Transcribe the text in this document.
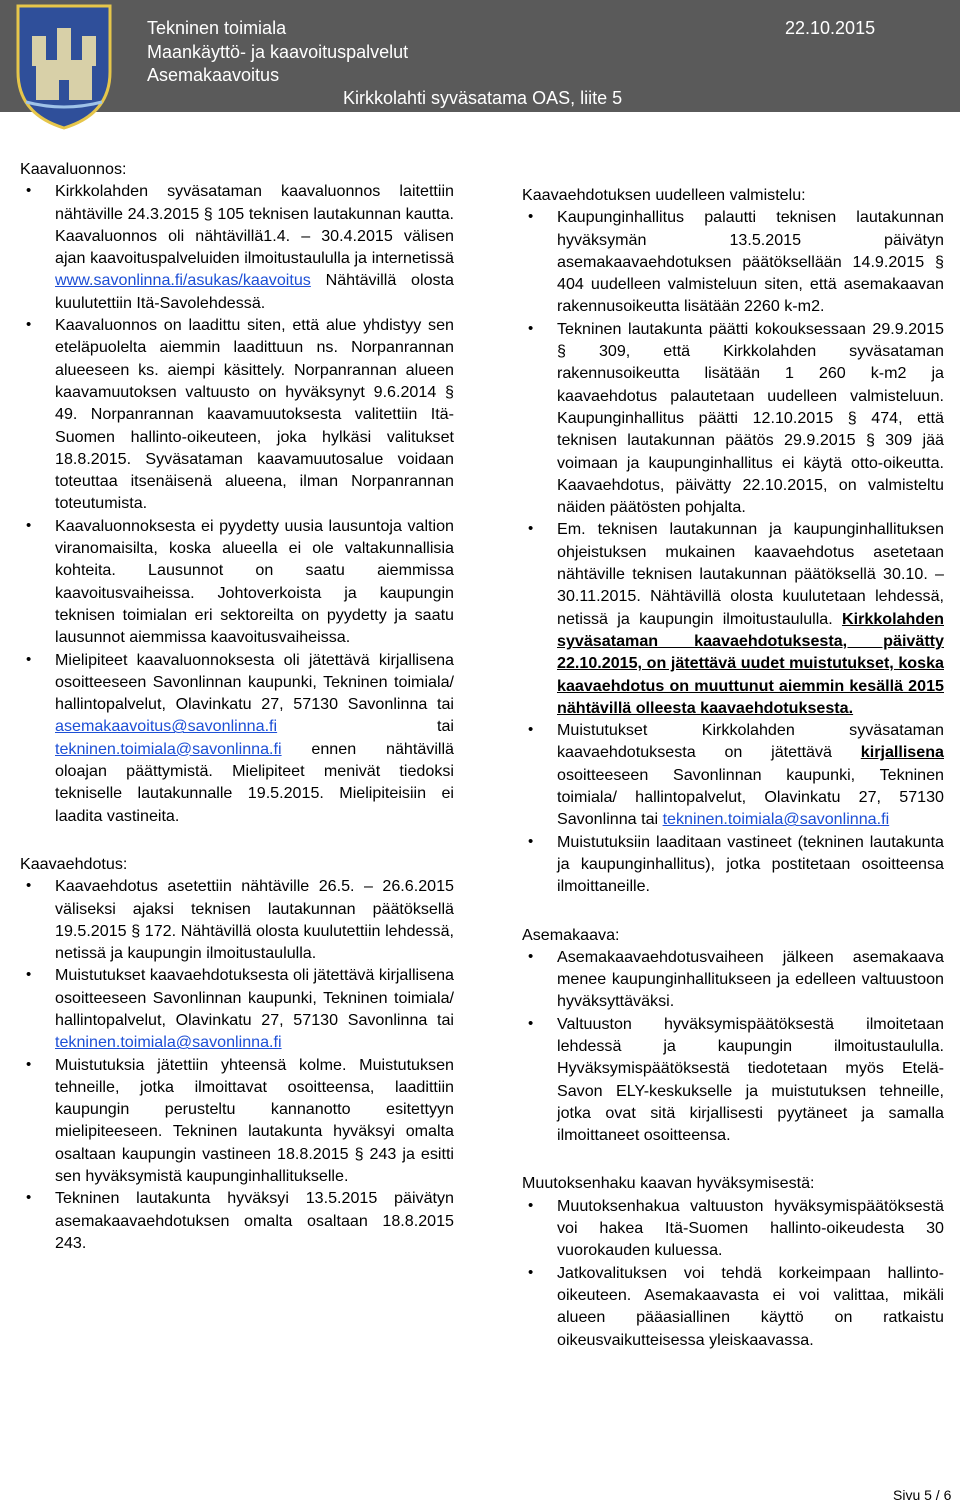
Tekninen toimiala
Maankäyttö- ja kaavoituspalvelut
Asemakaavoitus
22.10.2015
Kirkkolahti syväsatama OAS, liite 5
Kaavaluonnos:
• Kirkkolahden syväsataman kaavaluonnos laitettiin nähtäville 24.3.2015 § 105 teknisen lautakunnan kautta. Kaavaluonnos oli nähtävillä1.4. – 30.4.2015 välisen ajan kaavoituspalveluiden ilmoitustaululla ja internetissä www.savonlinna.fi/asukas/kaavoitus Nähtävillä olosta kuulutettiin Itä-Savolehdessä.
• Kaavaluonnos on laadittu siten, että alue yhdistyy sen eteläpuolelta aiemmin laadittuun ns. Norpanrannan alueeseen ks. aiempi käsittely. Norpanrannan alueen kaavamuutoksen valtuusto on hyväksynyt 9.6.2014 § 49. Norpanrannan kaavamuutoksesta valitettiin Itä-Suomen hallinto-oikeuteen, joka hylkäsi valitukset 18.8.2015. Syväsataman kaavamuutosalue voidaan toteuttaa itsenäisenä alueena, ilman Norpanrannan toteutumista.
• Kaavaluonnoksesta ei pyydetty uusia lausuntoja valtion viranomaisilta, koska alueella ei ole valtakunnallisia kohteita. Lausunnot on saatu aiemmissa kaavoitusvaiheissa. Johtoverkoista ja kaupungin teknisen toimialan eri sektoreilta on pyydetty ja saatu lausunnot aiemmissa kaavoitusvaiheissa.
• Mielipiteet kaavaluonnoksesta oli jätettävä kirjallisena osoitteeseen Savonlinnan kaupunki, Tekninen toimiala/ hallintopalvelut, Olavinkatu 27, 57130 Savonlinna tai asemakaavoitus@savonlinna.fi tai tekninen.toimiala@savonlinna.fi ennen nähtävillä oloajan päättymistä. Mielipiteet menivät tiedoksi tekniselle lautakunnalle 19.5.2015. Mielipiteisiin ei laadita vastineita.
Kaavaehdotus:
• Kaavaehdotus asetettiin nähtäville 26.5. – 26.6.2015 väliseksi ajaksi teknisen lautakunnan päätöksellä 19.5.2015 § 172. Nähtävillä olosta kuulutettiin lehdessä, netissä ja kaupungin ilmoitustaululla.
• Muistutukset kaavaehdotuksesta oli jätettävä kirjallisena osoitteeseen Savonlinnan kaupunki, Tekninen toimiala/ hallintopalvelut, Olavinkatu 27, 57130 Savonlinna tai tekninen.toimiala@savonlinna.fi
• Muistutuksia jätettiin yhteensä kolme. Muistutuksen tehneille, jotka ilmoittavat osoitteensa, laadittiin kaupungin perusteltu kannanotto esitettyyn mielipiteeseen. Tekninen lautakunta hyväksyi omalta osaltaan kaupungin vastineen 18.8.2015 § 243 ja esitti sen hyväksymistä kaupunginhallitukselle.
• Tekninen lautakunta hyväksyi 13.5.2015 päivätyn asemakaavaehdotuksen omalta osaltaan 18.8.2015 243.
Kaavaehdotuksen uudelleen valmistelu:
• Kaupunginhallitus palautti teknisen lautakunnan hyväksymän 13.5.2015 päivätyn asemakaavaehdotuksen päätöksellään 14.9.2015 § 404 uudelleen valmisteluun siten, että asemakaavan rakennusoikeutta lisätään 2260 k-m2.
• Tekninen lautakunta päätti kokouksessaan 29.9.2015 § 309, että Kirkkolahden syväsataman rakennusoikeutta lisätään 1 260 k-m2 ja kaavaehdotus palautetaan uudelleen valmisteluun. Kaupunginhallitus päätti 12.10.2015 § 474, että teknisen lautakunnan päätös 29.9.2015 § 309 jää voimaan ja kaupunginhallitus ei käytä otto-oikeutta. Kaavaehdotus, päivätty 22.10.2015, on valmisteltu näiden päätösten pohjalta.
• Em. teknisen lautakunnan ja kaupunginhallituksen ohjeistuksen mukainen kaavaehdotus asetetaan nähtäville teknisen lautakunnan päätöksellä 30.10. – 30.11.2015. Nähtävillä olosta kuulutetaan lehdessä, netissä ja kaupungin ilmoitustaululla. Kirkkolahden syväsataman kaavaehdotuksesta, päivätty 22.10.2015, on jätettävä uudet muistutukset, koska kaavaehdotus on muuttunut aiemmin kesällä 2015 nähtävillä olleesta kaavaehdotuksesta.
• Muistutukset Kirkkolahden syväsataman kaavaehdotuksesta on jätettävä kirjallisena osoitteeseen Savonlinnan kaupunki, Tekninen toimiala/ hallintopalvelut, Olavinkatu 27, 57130 Savonlinna tai tekninen.toimiala@savonlinna.fi
• Muistutuksiin laaditaan vastineet (tekninen lautakunta ja kaupunginhallitus), jotka postitetaan osoitteensa ilmoittaneille.
Asemakaava:
• Asemakaavaehdotusvaiheen jälkeen asemakaava menee kaupunginhallitukseen ja edelleen valtuustoon hyväksyttäväksi.
• Valtuuston hyväksymispäätöksestä ilmoitetaan lehdessä ja kaupungin ilmoitustaululla. Hyväksymispäätöksestä tiedotetaan myös Etelä-Savon ELY-keskukselle ja muistutuksen tehneille, jotka ovat sitä kirjallisesti pyytäneet ja samalla ilmoittaneet osoitteensa.
Muutoksenhaku kaavan hyväksymisestä:
• Muutoksenhakua valtuuston hyväksymispäätöksestä voi hakea Itä-Suomen hallinto-oikeudesta 30 vuorokauden kuluessa.
• Jatkovalituksen voi tehdä korkeimpaan hallinto-oikeuteen. Asemakaavasta ei voi valittaa, mikäli alueen pääasiallinen käyttö on ratkaistu oikeusvaikutteisessa yleiskaavassa.
Sivu 5 / 6
